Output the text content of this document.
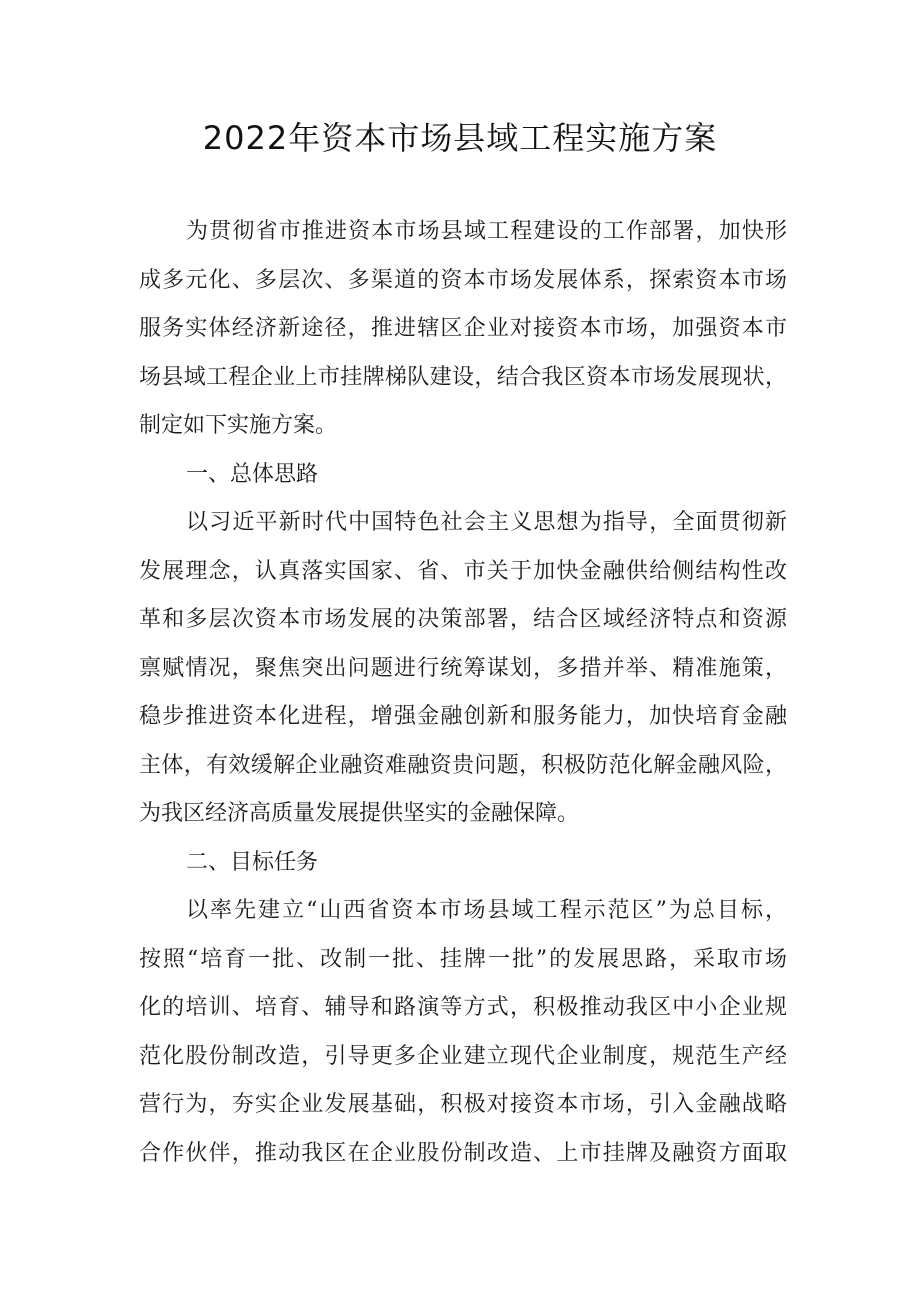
2022年资本市场县域工程实施方案
为贯彻省市推进资本市场县域工程建设的工作部署，加快形
成多元化、多层次、多渠道的资本市场发展体系，探索资本市场
服务实体经济新途径，推进辖区企业对接资本市场，加强资本市
场县域工程企业上市挂牌梯队建设，结合我区资本市场发展现状，
制定如下实施方案。
一、总体思路
以习近平新时代中国特色社会主义思想为指导，全面贯彻新
发展理念，认真落实国家、省、市关于加快金融供给侧结构性改
革和多层次资本市场发展的决策部署，结合区域经济特点和资源
禀赋情况，聚焦突出问题进行统筹谋划，多措并举、精准施策，
稳步推进资本化进程，增强金融创新和服务能力，加快培育金融
主体，有效缓解企业融资难融资贵问题，积极防范化解金融风险，
为我区经济高质量发展提供坚实的金融保障。
二、目标任务
以率先建立“山西省资本市场县域工程示范区”为总目标，
按照“培育一批、改制一批、挂牌一批”的发展思路，采取市场
化的培训、培育、辅导和路演等方式，积极推动我区中小企业规
范化股份制改造，引导更多企业建立现代企业制度，规范生产经
营行为，夯实企业发展基础，积极对接资本市场，引入金融战略
合作伙伴，推动我区在企业股份制改造、上市挂牌及融资方面取
